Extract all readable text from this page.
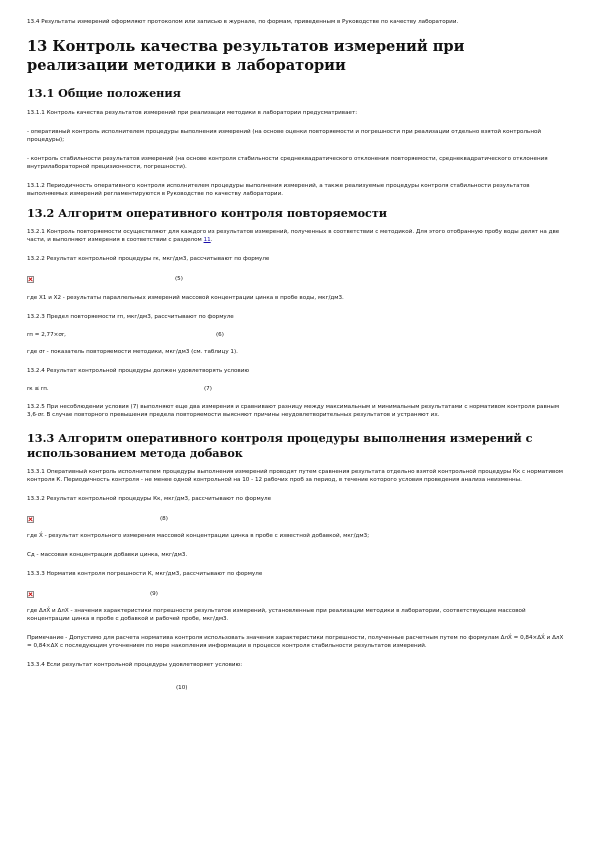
13.4 Результаты измерений оформляют протоколом или записью в журнале, по формам, приведенным в Руководстве по качеству лаборатории.

13 Контроль качества результатов измерений при реализации методики в лаборатории
13.1 Общие положения

13.1.1 Контроль качества результатов измерений при реализации методики в лаборатории предусматривает:

- оперативный контроль исполнителем процедуры выполнения измерений (на основе оценки повторяемости и погрешности при реализации отдельно взятой контрольной процедуры);

- контроль стабильности результатов измерений (на основе контроля стабильности среднеквадратического отклонения повторяемости, среднеквадратического отклонения внутрилабораторной прецизионности, погрешности).

13.1.2 Периодичность оперативного контроля исполнителем процедуры выполнения измерений, а также реализуемые процедуры контроля стабильности результатов выполняемых измерений регламентируются в Руководстве по качеству лаборатории.

13.2 Алгоритм оперативного контроля повторяемости

13.2.1 Контроль повторяемости осуществляют для каждого из результатов измерений, полученных в соответствии с методикой. Для этого отобранную пробу воды делят на две части, и выполняют измерения в соответствии с разделом 11.

13.2.2 Результат контрольной процедуры rк, мкг/дм3, рассчитывают по формуле

(5)

где Х1 и Х2 - результаты параллельных измерений массовой концентрации цинка в пробе воды, мкг/дм3.

13.2.3 Предел повторяемости rп, мкг/дм3, рассчитывают по формуле

rп = 2,77×σr,	(6)

где σr - показатель повторяемости методики, мкг/дм3 (см. таблицу 1).

13.2.4 Результат контрольной процедуры должен удовлетворять условию

rк ≤ rп.	(7)

13.2.5 При несоблюдении условия (7) выполняют еще два измерения и сравнивают разницу между максимальным и минимальным результатами с нормативом контроля равным 3,6·σr. В случае повторного превышения предела повторяемости выясняют причины неудовлетворительных результатов и устраняют их.

13.3 Алгоритм оперативного контроля процедуры выполнения измерений с использованием метода добавок

13.3.1 Оперативный контроль исполнителем процедуры выполнения измерений проводят путем сравнения результата отдельно взятой контрольной процедуры Кк с нормативом контроля К. Периодичность контроля - не менее одной контрольной на 10 - 12 рабочих проб за период, в течение которого условия проведения анализа неизменны.

13.3.2 Результат контрольной процедуры Кк, мкг/дм3, рассчитывают по формуле

(8)

где Х́ - результат контрольного измерения массовой концентрации цинка в пробе с известной добавкой, мкг/дм3;

Сд - массовая концентрация добавки цинка, мкг/дм3.

13.3.3 Норматив контроля погрешности К, мкг/дм3, рассчитывают по формуле

(9)

где ΔлХ́ и ΔлХ - значения характеристики погрешности результатов измерений, установленные при реализации методики в лаборатории, соответствующие массовой концентрации цинка в пробе с добавкой и рабочей пробе, мкг/дм3.

Примечание - Допустимо для расчета норматива контроля использовать значения характеристики погрешности, полученные расчетным путем по формулам ΔлХ́ = 0,84×ΔХ́ и ΔлХ = 0,84×ΔХ с последующим уточнением по мере накопления информации в процессе контроля стабильности результатов измерений.

13.3.4 Если результат контрольной процедуры удовлетворяет условию:

(10)
